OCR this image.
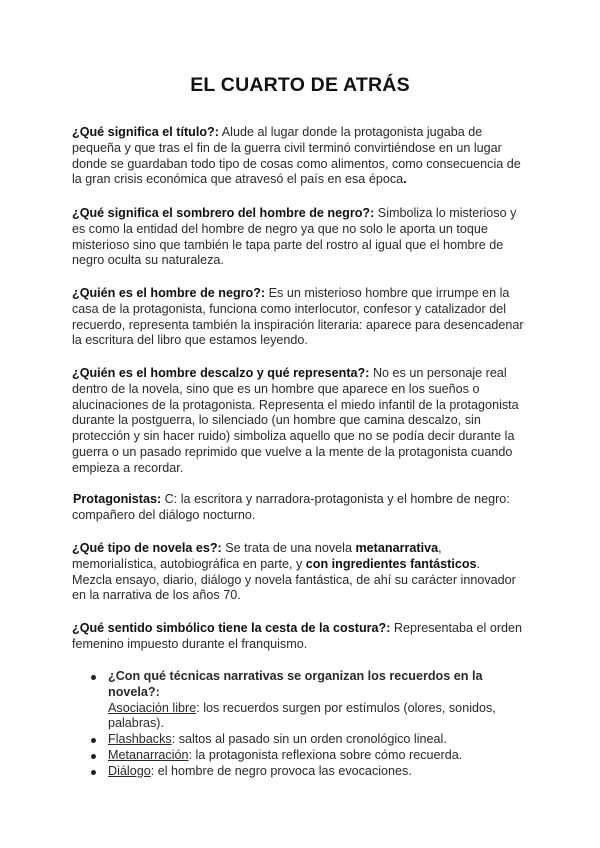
EL CUARTO DE ATRÁS

¿Qué significa el título?: Alude al lugar donde la protagonista jugaba de pequeña y que tras el fin de la guerra civil terminó convirtiéndose en un lugar donde se guardaban todo tipo de cosas como alimentos, como consecuencia de la gran crisis económica que atravesó el país en esa época.

¿Qué significa el sombrero del hombre de negro?: Simboliza lo misterioso y es como la entidad del hombre de negro ya que no solo le aporta un toque misterioso sino que también le tapa parte del rostro al igual que el hombre de negro oculta su naturaleza.

¿Quién es el hombre de negro?: Es un misterioso hombre que irrumpe en la casa de la protagonista, funciona como interlocutor, confesor y catalizador del recuerdo, representa también la inspiración literaria: aparece para desencadenar la escritura del libro que estamos leyendo.

¿Quién es el hombre descalzo y qué representa?: No es un personaje real dentro de la novela, sino que es un hombre que aparece en los sueños o alucinaciones de la protagonista. Representa el miedo infantil de la protagonista durante la postguerra, lo silenciado (un hombre que camina descalzo, sin protección y sin hacer ruido) simboliza aquello que no se podía decir durante la guerra o un pasado reprimido que vuelve a la mente de la protagonista cuando empieza a recordar.

Protagonistas: C: la escritora y narradora-protagonista y el hombre de negro: compañero del diálogo nocturno.

¿Qué tipo de novela es?: Se trata de una novela metanarrativa, memorialística, autobiográfica en parte, y con ingredientes fantásticos.
Mezcla ensayo, diario, diálogo y novela fantástica, de ahí su carácter innovador en la narrativa de los años 70.

¿Qué sentido simbólico tiene la cesta de la costura?: Representaba el orden femenino impuesto durante el franquismo.

¿Con qué técnicas narrativas se organizan los recuerdos en la novela?:
Asociación libre: los recuerdos surgen por estímulos (olores, sonidos, palabras).
Flashbacks: saltos al pasado sin un orden cronológico lineal.
Metanarración: la protagonista reflexiona sobre cómo recuerda.
Diálogo: el hombre de negro provoca las evocaciones.
